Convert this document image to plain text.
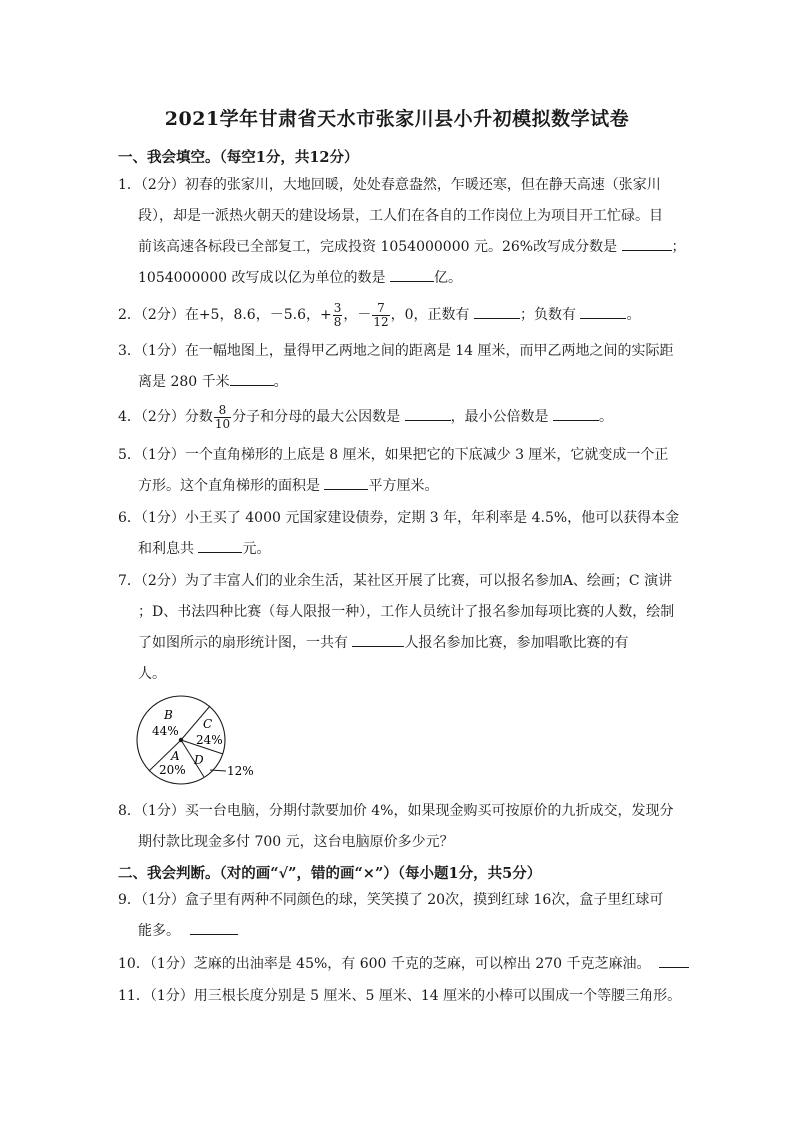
2021学年甘肃省天水市张家川县小升初模拟数学试卷
一、我会填空。（每空1分，共12分）
1．（2分）初春的张家川，大地回暖，处处春意盎然，乍暖还寒，但在静天高速（张家川
段），却是一派热火朝天的建设场景，工人们在各自的工作岗位上为项目开工忙碌。目
前该高速各标段已全部复工，完成投资 1054000000 元。26%改写成分数是	；
1054000000 改写成以亿为单位的数是	亿。
2．（2分）在+5，8.6，－5.6，+ $\frac{3}{8}$ ，－ $\frac{7}{12}$ ，0，正数有	；负数有	。
3．（1分）在一幅地图上，量得甲乙两地之间的距离是 14 厘米，而甲乙两地之间的实际距
离是 280 千米	。
4．（2分）分数 $\frac{8}{10}$ 分子和分母的最大公因数是	，最小公倍数是	。
5．（1分）一个直角梯形的上底是 8 厘米，如果把它的下底减少 3 厘米，它就变成一个正
方形。这个直角梯形的面积是	平方厘米。
6．（1分）小王买了 4000 元国家建设债券，定期 3 年，年利率是 4.5%，他可以获得本金
和利息共	元。
7．（2分）为了丰富人们的业余生活，某社区开展了比赛，可以报名参加A、绘画；C 演讲
；D、书法四种比赛（每人限报一种），工作人员统计了报名参加每项比赛的人数，绘制
了如图所示的扇形统计图，一共有	人报名参加比赛，参加唱歌比赛的有
人。
B
44% C
24%
A
20%
D
12%
8．（1分）买一台电脑，分期付款要加价 4%，如果现金购买可按原价的九折成交，发现分
期付款比现金多付 700 元，这台电脑原价多少元？
二、我会判断。（对的画“√”，错的画“×”）（每小题1分，共5分）
9．（1分）盒子里有两种不同颜色的球，笑笑摸了 20次，摸到红球 16次，盒子里红球可
能多。
10．（1分）芝麻的出油率是 45%，有 600 千克的芝麻，可以榨出 270 千克芝麻油。
11．（1分）用三根长度分别是 5 厘米、5 厘米、14 厘米的小棒可以围成一个等腰三角形。
